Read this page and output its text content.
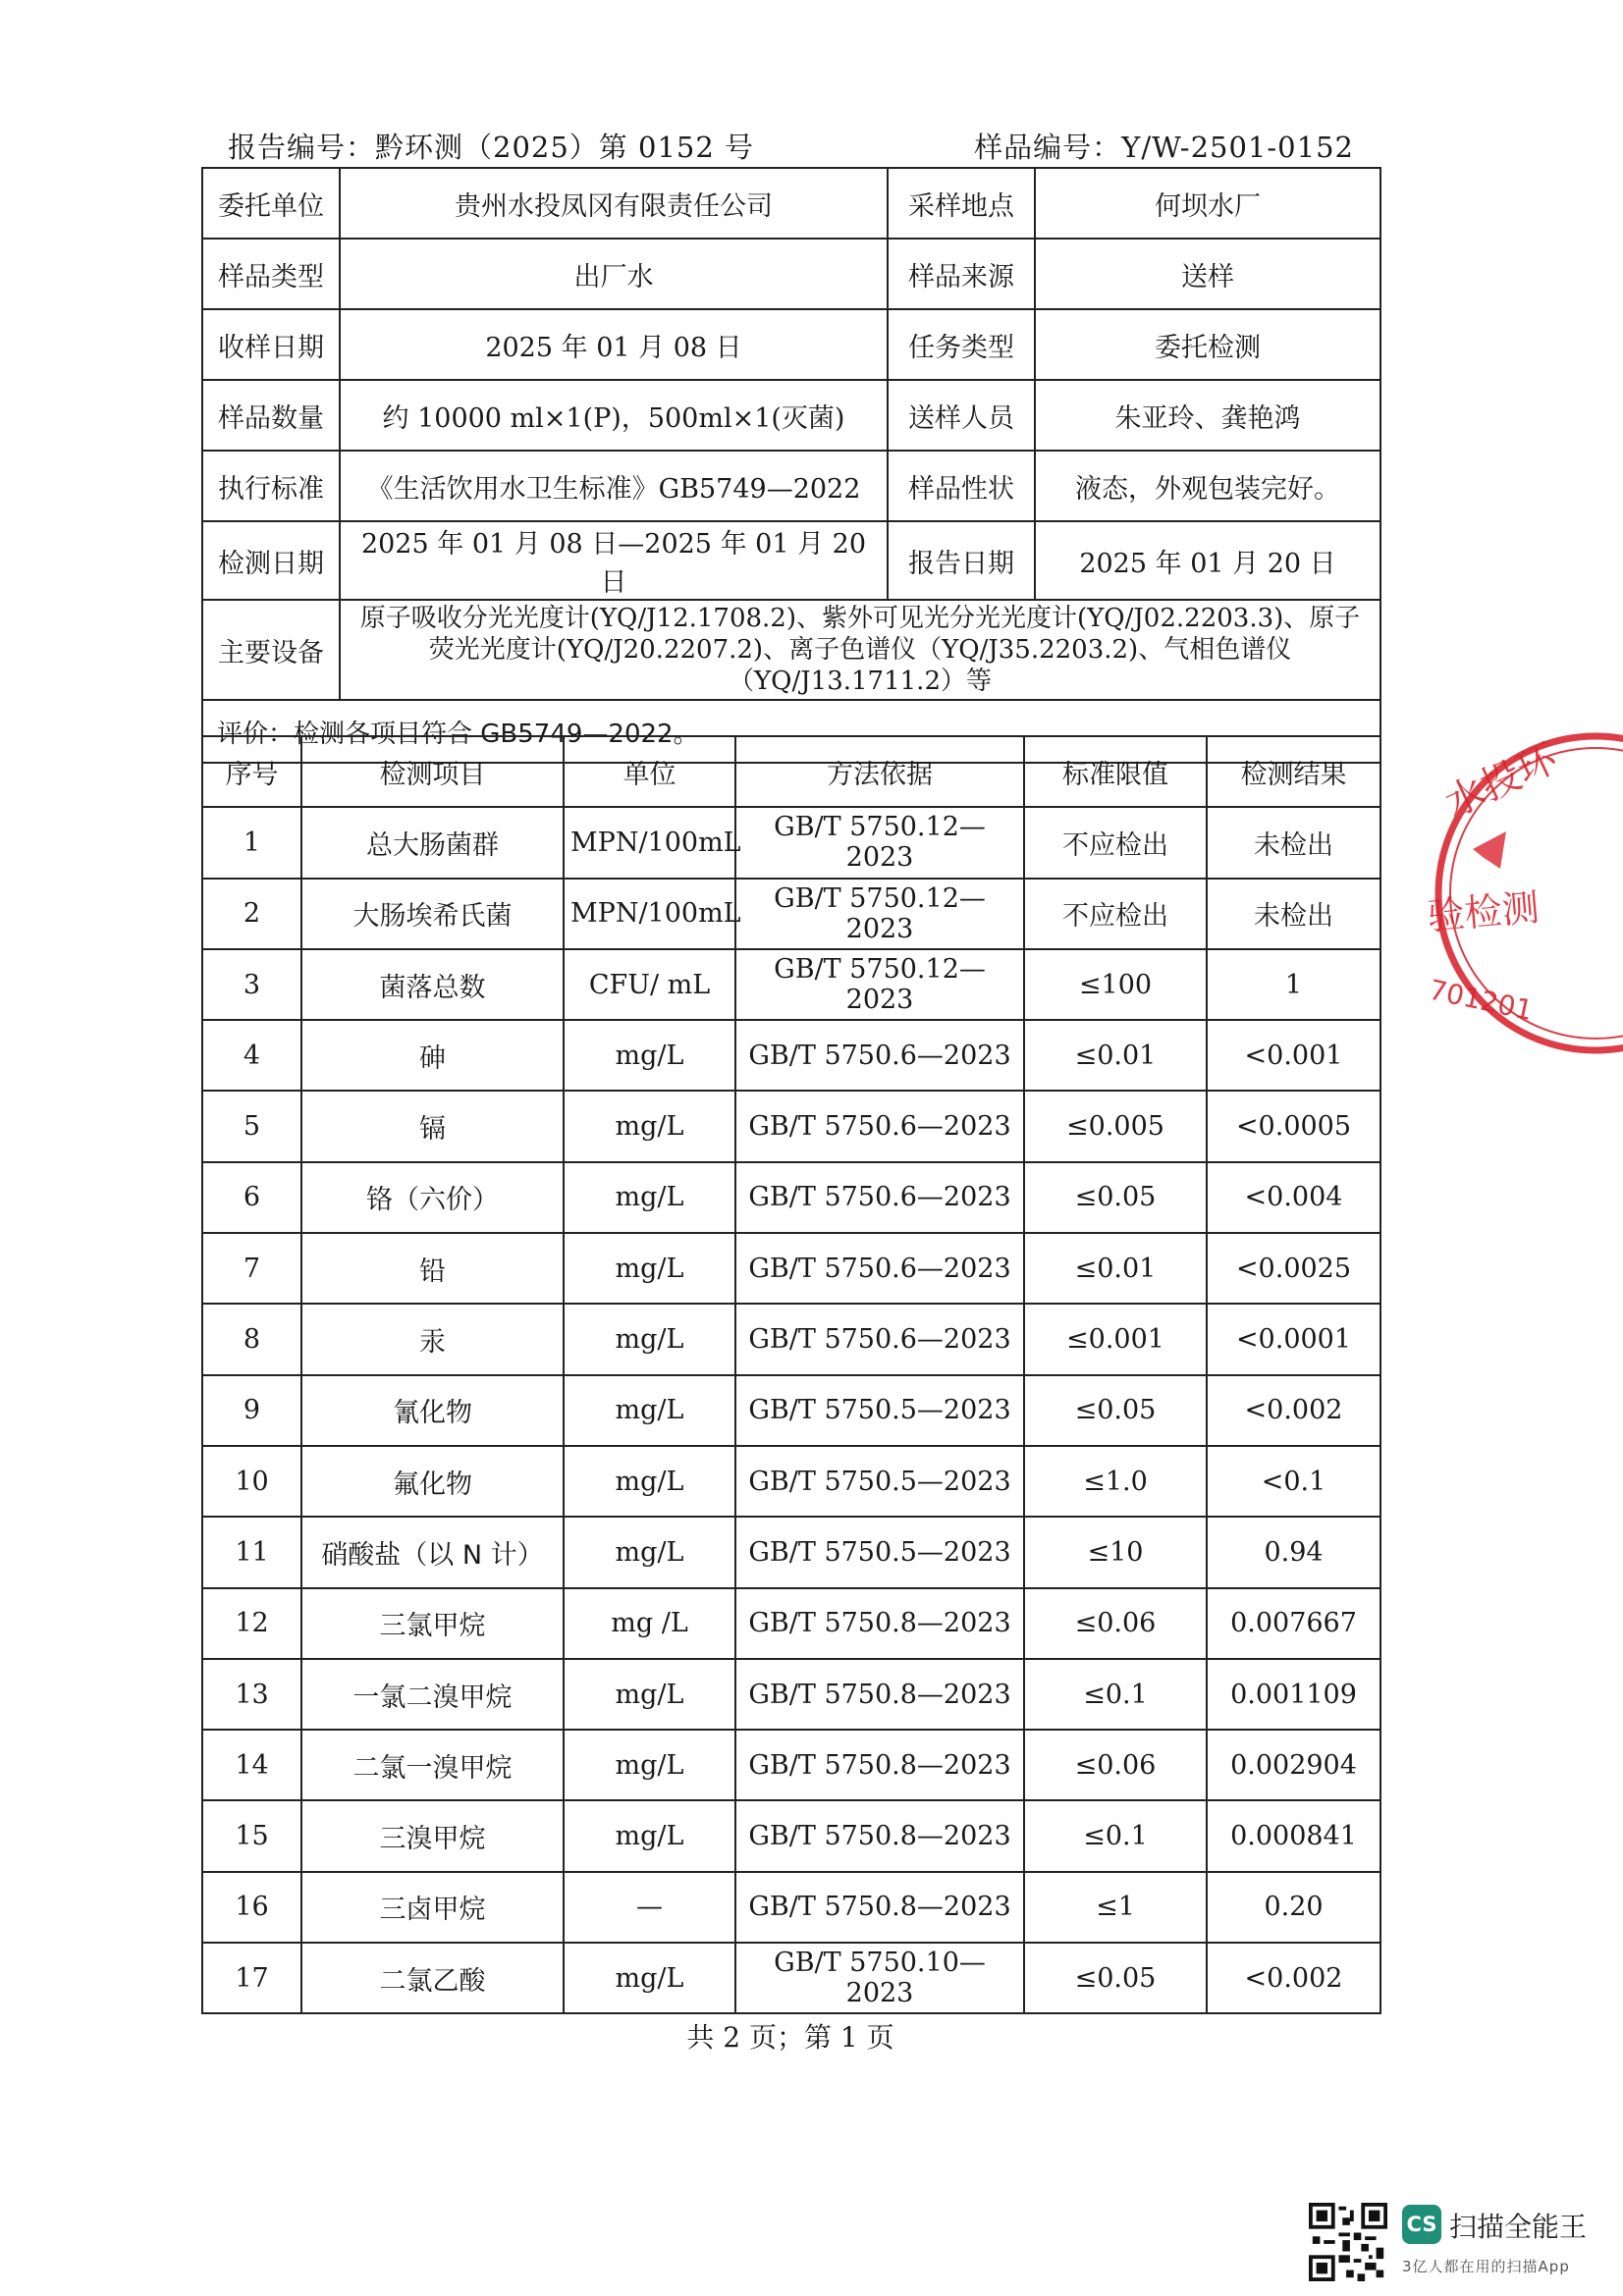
报告编号：黔环测（2025）第 0152 号	样品编号：Y/W-2501-0152
委托单位	贵州水投凤冈有限责任公司	采样地点	何坝水厂
样品类型	出厂水	样品来源	送样
收样日期	2025 年 01 月 08 日	任务类型	委托检测
样品数量	约 10000 ml×1(P)，500ml×1(灭菌)	送样人员	朱亚玲、龚艳鸿
执行标准	《生活饮用水卫生标准》GB5749—2022	样品性状	液态，外观包装完好。
检测日期	2025 年 01 月 08 日—2025 年 01 月 20 日	报告日期	2025 年 01 月 20 日
主要设备	原子吸收分光光度计(YQ/J12.1708.2)、紫外可见光分光光度计(YQ/J02.2203.3)、原子荧光光度计(YQ/J20.2207.2)、离子色谱仪（YQ/J35.2203.2)、气相色谱仪（YQ/J13.1711.2）等		
评价：检测各项目符合 GB5749—2022。			
序号	检测项目	单位	方法依据	标准限值	检测结果
1	总大肠菌群	MPN/100mL	GB/T 5750.12—2023	不应检出	未检出
2	大肠埃希氏菌	MPN/100mL	GB/T 5750.12—2023	不应检出	未检出
3	菌落总数	CFU/ mL	GB/T 5750.12—2023	≤100	1
4	砷	mg/L	GB/T 5750.6—2023	≤0.01	<0.001
5	镉	mg/L	GB/T 5750.6—2023	≤0.005	<0.0005
6	铬（六价）	mg/L	GB/T 5750.6—2023	≤0.05	<0.004
7	铅	mg/L	GB/T 5750.6—2023	≤0.01	<0.0025
8	汞	mg/L	GB/T 5750.6—2023	≤0.001	<0.0001
9	氰化物	mg/L	GB/T 5750.5—2023	≤0.05	<0.002
10	氟化物	mg/L	GB/T 5750.5—2023	≤1.0	<0.1
11	硝酸盐（以 N 计）	mg/L	GB/T 5750.5—2023	≤10	0.94
12	三氯甲烷	mg /L	GB/T 5750.8—2023	≤0.06	0.007667
13	一氯二溴甲烷	mg/L	GB/T 5750.8—2023	≤0.1	0.001109
14	二氯一溴甲烷	mg/L	GB/T 5750.8—2023	≤0.06	0.002904
15	三溴甲烷	mg/L	GB/T 5750.8—2023	≤0.1	0.000841
16	三卤甲烷	—	GB/T 5750.8—2023	≤1	0.20
17	二氯乙酸	mg/L	GB/T 5750.10—2023	≤0.05	<0.002
共 2 页；第 1 页
水投环
验检测
701201
CS 扫描全能王
3亿人都在用的扫描App
